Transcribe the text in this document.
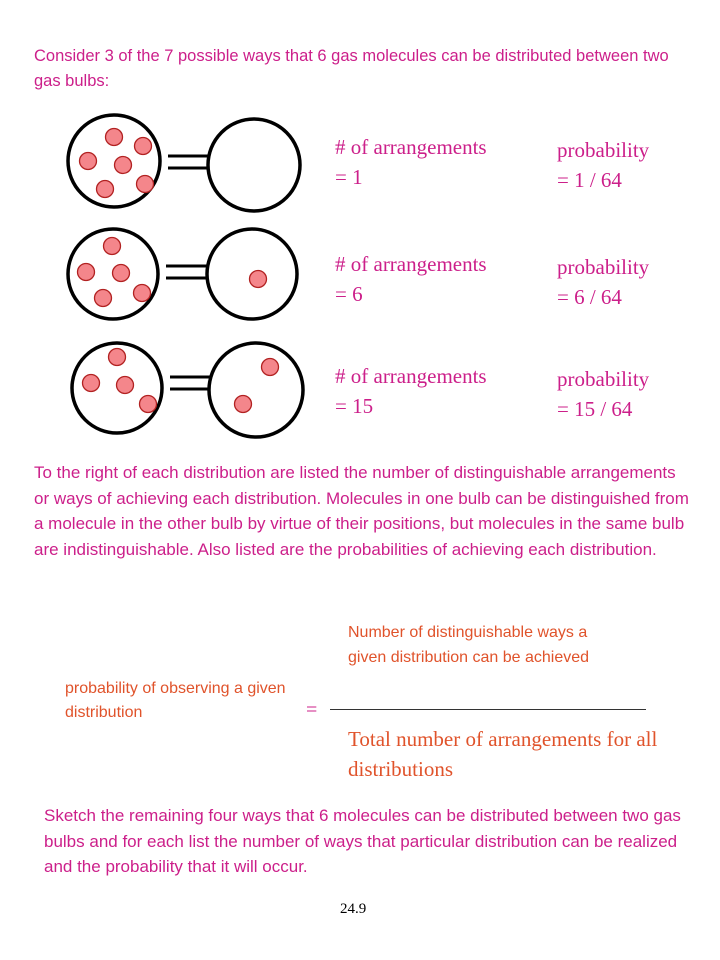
Consider 3 of the 7 possible ways that 6 gas molecules can be distributed between two gas bulbs:
# of arrangements
= 1
probability
= 1 / 64
# of arrangements
= 6
probability
= 6 / 64
# of arrangements
= 15
probability
= 15 / 64
To the right of each distribution are listed the number of distinguishable arrangements or ways of achieving each distribution. Molecules in one bulb can be distinguished from a molecule in the other bulb by virtue of their positions, but molecules in the same bulb are indistinguishable. Also listed are the probabilities of achieving each distribution.
Number of distinguishable ways a given distribution can be achieved
probability of observing a given distribution	=
Total number of arrangements for all distributions
Sketch the remaining four ways that 6 molecules can be distributed between two gas bulbs and for each list the number of ways that particular distribution can be realized and the probability that it will occur.
24.9
